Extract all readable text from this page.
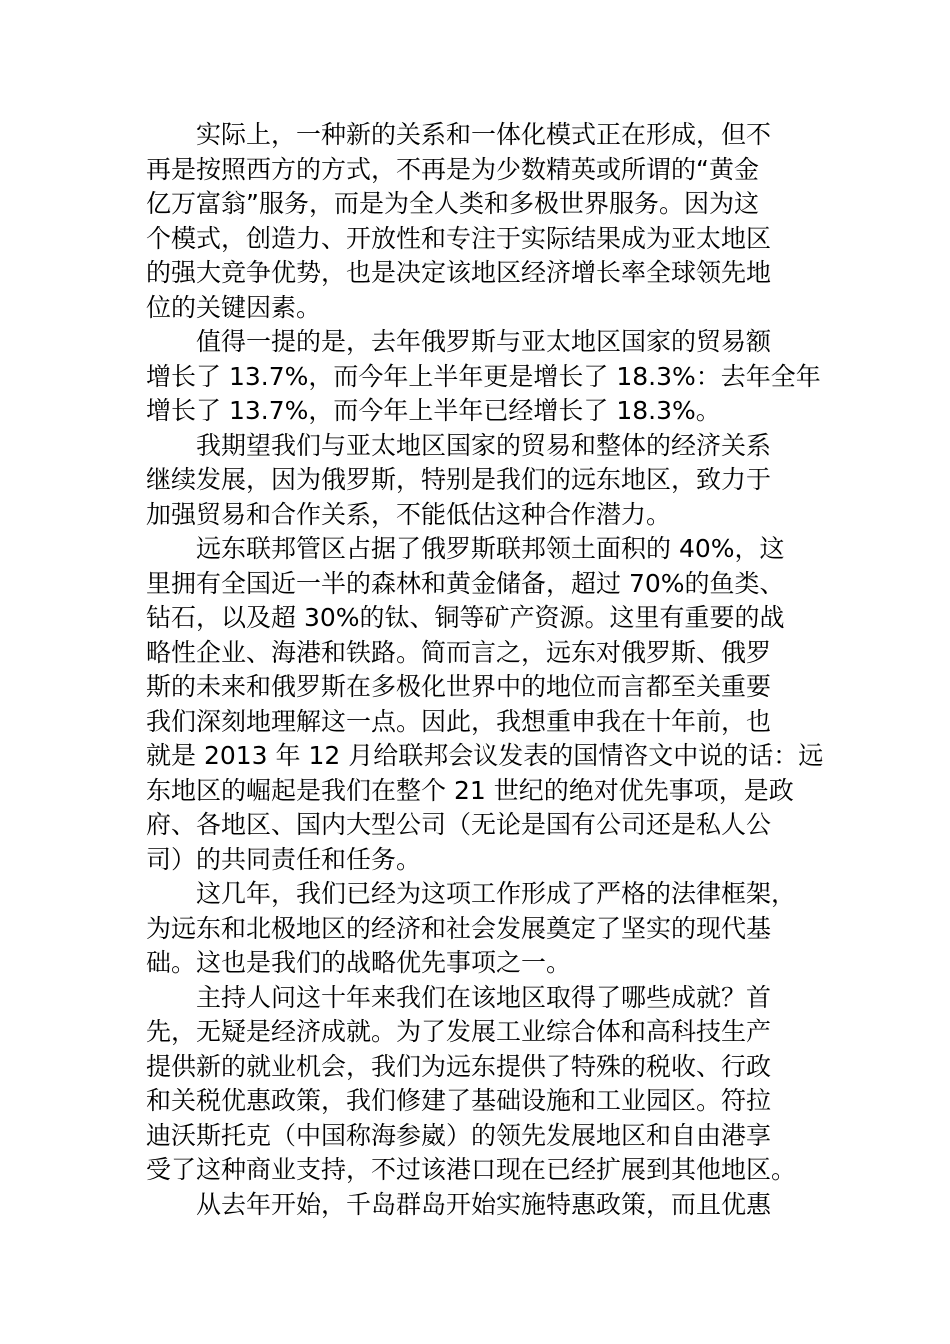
实际上，一种新的关系和一体化模式正在形成，但不
再是按照西方的方式，不再是为少数精英或所谓的“黄金
亿万富翁”服务，而是为全人类和多极世界服务。因为这
个模式，创造力、开放性和专注于实际结果成为亚太地区
的强大竞争优势，也是决定该地区经济增长率全球领先地
位的关键因素。
值得一提的是，去年俄罗斯与亚太地区国家的贸易额
增长了 13.7%，而今年上半年更是增长了 18.3%：去年全年
增长了 13.7%，而今年上半年已经增长了 18.3%。
我期望我们与亚太地区国家的贸易和整体的经济关系
继续发展，因为俄罗斯，特别是我们的远东地区，致力于
加强贸易和合作关系，不能低估这种合作潜力。
远东联邦管区占据了俄罗斯联邦领土面积的 40%，这
里拥有全国近一半的森林和黄金储备，超过 70%的鱼类、
钻石，以及超 30%的钛、铜等矿产资源。这里有重要的战
略性企业、海港和铁路。简而言之，远东对俄罗斯、俄罗
斯的未来和俄罗斯在多极化世界中的地位而言都至关重要
我们深刻地理解这一点。因此，我想重申我在十年前，也
就是 2013 年 12 月给联邦会议发表的国情咨文中说的话：远
东地区的崛起是我们在整个 21 世纪的绝对优先事项，是政
府、各地区、国内大型公司（无论是国有公司还是私人公
司）的共同责任和任务。
这几年，我们已经为这项工作形成了严格的法律框架，
为远东和北极地区的经济和社会发展奠定了坚实的现代基
础。这也是我们的战略优先事项之一。
主持人问这十年来我们在该地区取得了哪些成就？首
先，无疑是经济成就。为了发展工业综合体和高科技生产
提供新的就业机会，我们为远东提供了特殊的税收、行政
和关税优惠政策，我们修建了基础设施和工业园区。符拉
迪沃斯托克（中国称海参崴）的领先发展地区和自由港享
受了这种商业支持，不过该港口现在已经扩展到其他地区。
从去年开始，千岛群岛开始实施特惠政策，而且优惠
